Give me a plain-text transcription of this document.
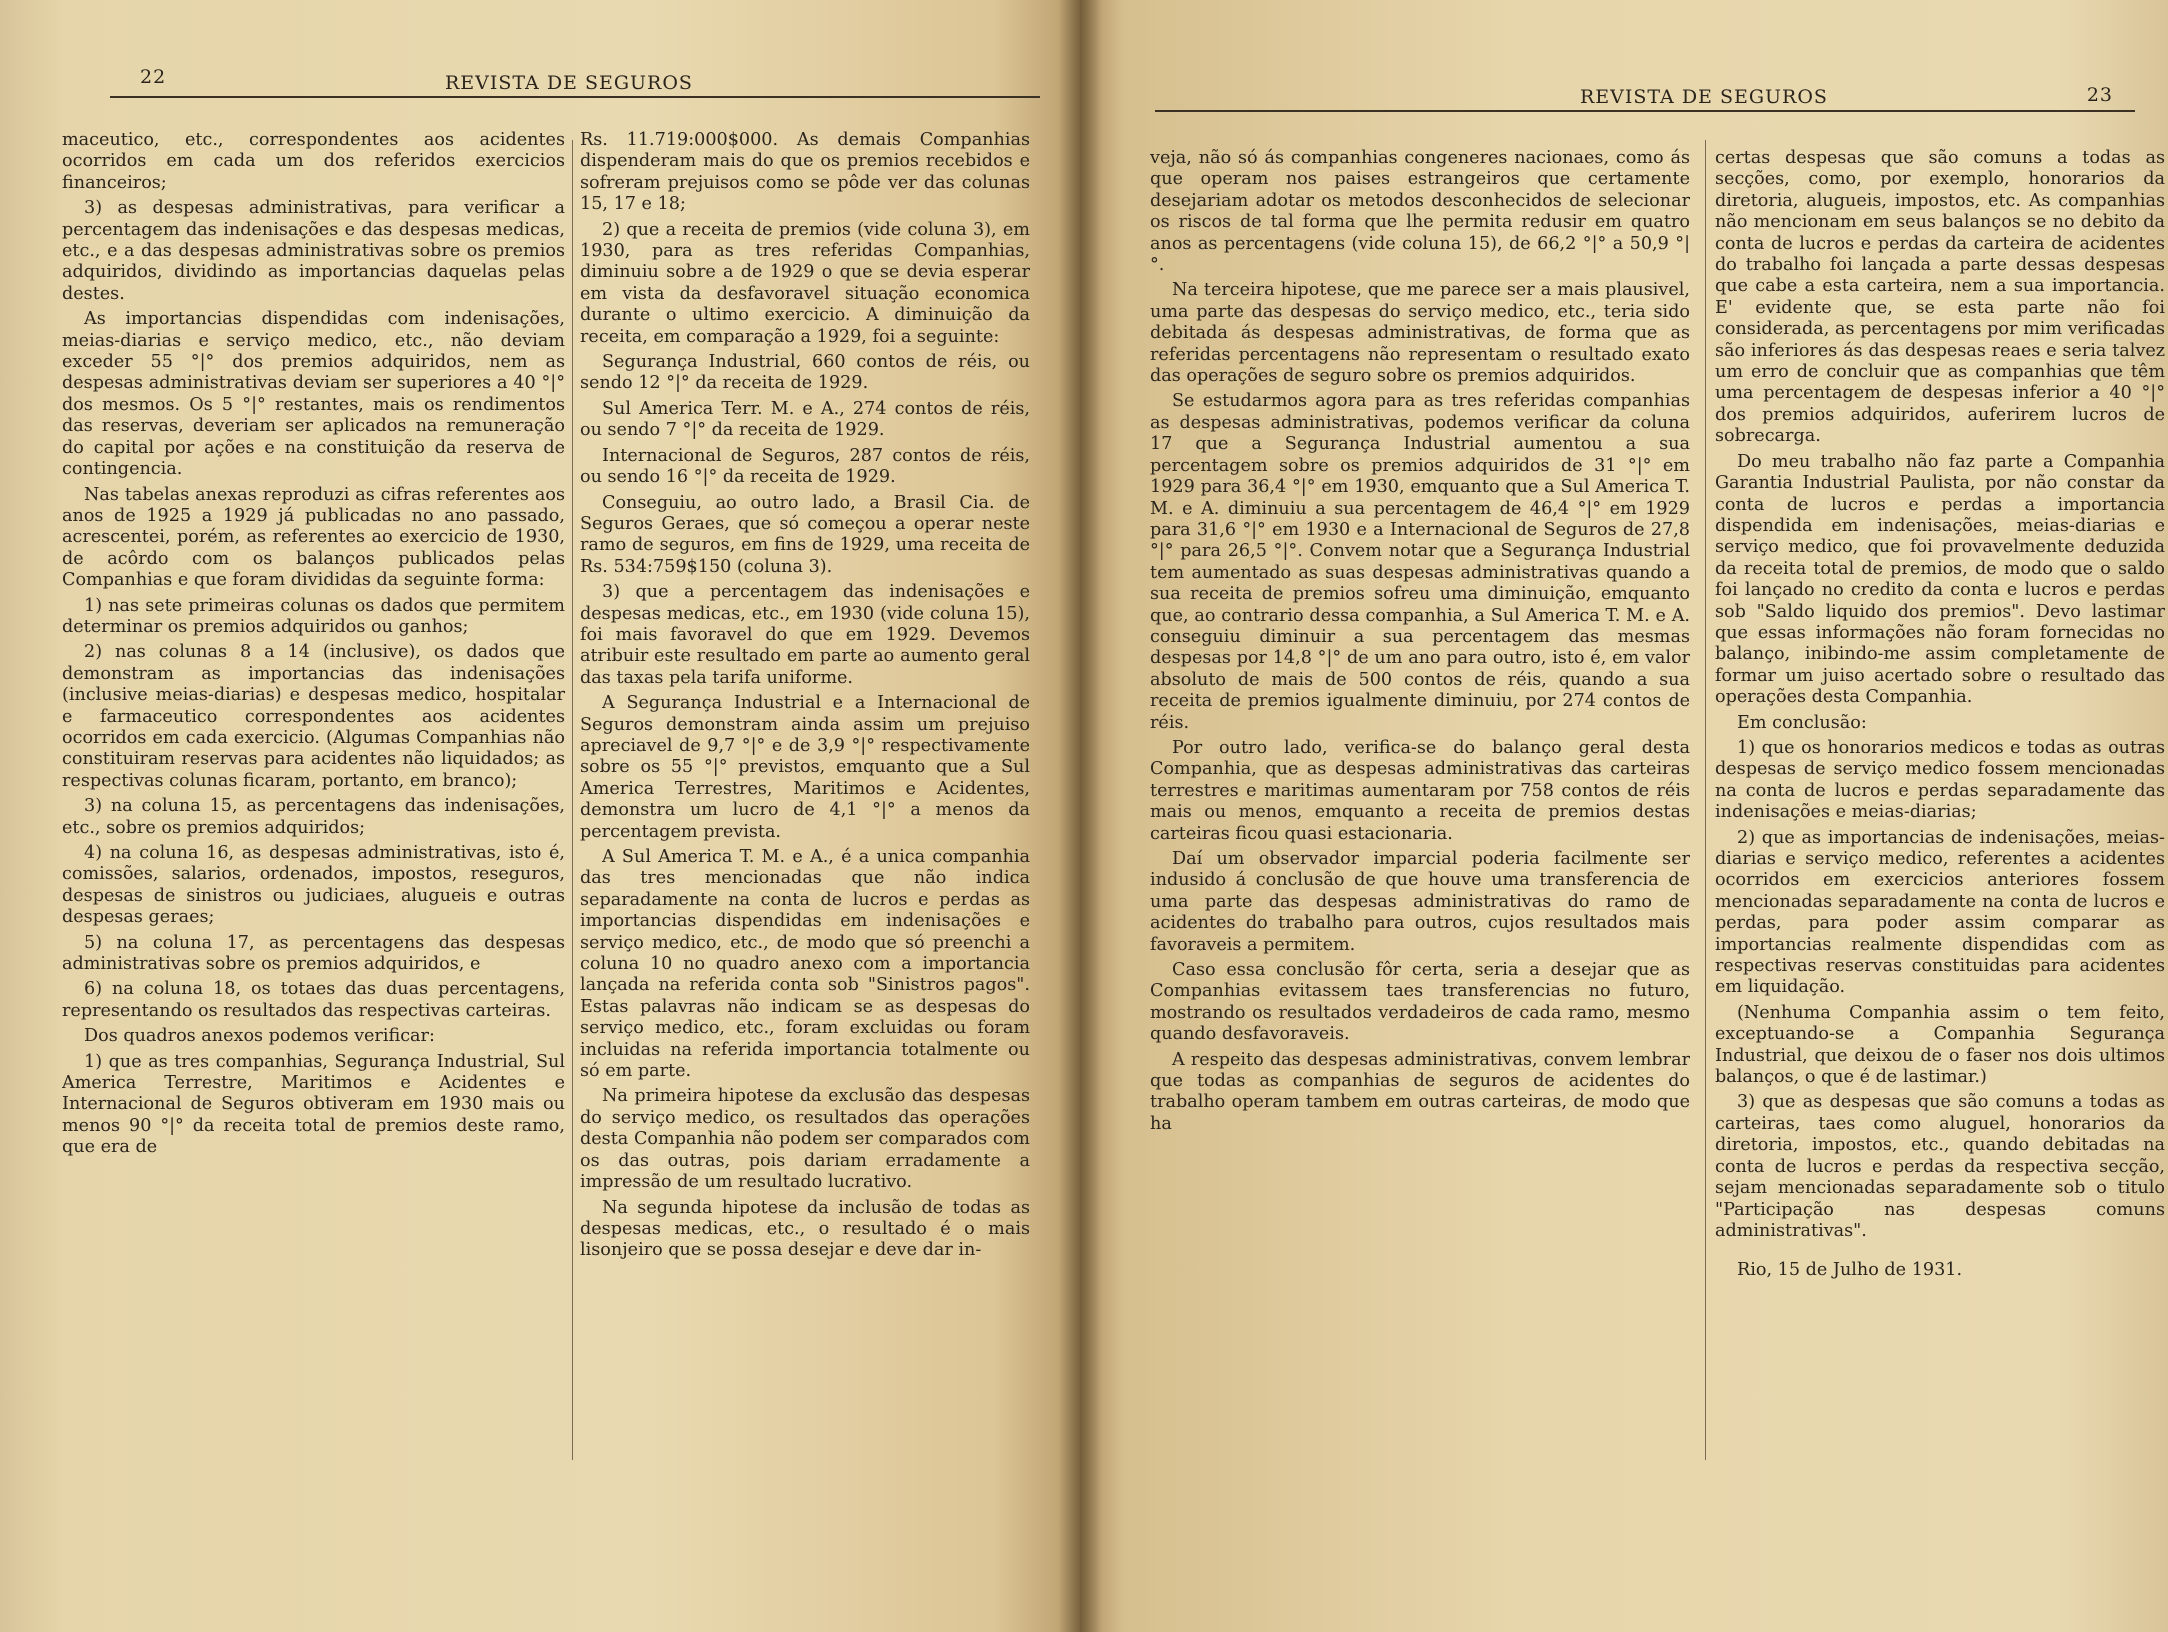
22	REVISTA DE SEGUROS

maceutico, etc., correspondentes aos acidentes ocorridos em cada um dos referidos exercicios financeiros;

3) as despesas administrativas, para verificar a percentagem das indenisações e das despesas medicas, etc., e a das despesas administrativas sobre os premios adquiridos, dividindo as importancias daquelas pelas destes.

As importancias dispendidas com indenisações, meias-diarias e serviço medico, etc., não deviam exceder 55 °|° dos premios adquiridos, nem as despesas administrativas deviam ser superiores a 40 °|° dos mesmos. Os 5 °|° restantes, mais os rendimentos das reservas, deveriam ser aplicados na remuneração do capital por ações e na constituição da reserva de contingencia.

Nas tabelas anexas reproduzi as cifras referentes aos anos de 1925 a 1929 já publicadas no ano passado, acrescentei, porém, as referentes ao exercicio de 1930, de acôrdo com os balanços publicados pelas Companhias e que foram divididas da seguinte forma:

1) nas sete primeiras colunas os dados que permitem determinar os premios adquiridos ou ganhos;

2) nas colunas 8 a 14 (inclusive), os dados que demonstram as importancias das indenisações (inclusive meias-diarias) e despesas medico, hospitalar e farmaceutico correspondentes aos acidentes ocorridos em cada exercicio. (Algumas Companhias não constituiram reservas para acidentes não liquidados; as respectivas colunas ficaram, portanto, em branco);

3) na coluna 15, as percentagens das indenisações, etc., sobre os premios adquiridos;

4) na coluna 16, as despesas administrativas, isto é, comissões, salarios, ordenados, impostos, reseguros, despesas de sinistros ou judiciaes, alugueis e outras despesas geraes;

5) na coluna 17, as percentagens das despesas administrativas sobre os premios adquiridos, e

6) na coluna 18, os totaes das duas percentagens, representando os resultados das respectivas carteiras.

Dos quadros anexos podemos verificar:

1) que as tres companhias, Segurança Industrial, Sul America Terrestre, Maritimos e Acidentes e Internacional de Seguros obtiveram em 1930 mais ou menos 90 °|° da receita total de premios deste ramo, que era de

Rs. 11.719:000$000. As demais Companhias dispenderam mais do que os premios recebidos e sofreram prejuisos como se pôde ver das colunas 15, 17 e 18;

2) que a receita de premios (vide coluna 3), em 1930, para as tres referidas Companhias, diminuiu sobre a de 1929 o que se devia esperar em vista da desfavoravel situação economica durante o ultimo exercicio. A diminuição da receita, em comparação a 1929, foi a seguinte:

Segurança Industrial, 660 contos de réis, ou sendo 12 °|° da receita de 1929.

Sul America Terr. M. e A., 274 contos de réis, ou sendo 7 °|° da receita de 1929.

Internacional de Seguros, 287 contos de réis, ou sendo 16 °|° da receita de 1929.

Conseguiu, ao outro lado, a Brasil Cia. de Seguros Geraes, que só começou a operar neste ramo de seguros, em fins de 1929, uma receita de Rs. 534:759$150 (coluna 3).

3) que a percentagem das indenisações e despesas medicas, etc., em 1930 (vide coluna 15), foi mais favoravel do que em 1929. Devemos atribuir este resultado em parte ao aumento geral das taxas pela tarifa uniforme.

A Segurança Industrial e a Internacional de Seguros demonstram ainda assim um prejuiso apreciavel de 9,7 °|° e de 3,9 °|° respectivamente sobre os 55 °|° previstos, emquanto que a Sul America Terrestres, Maritimos e Acidentes, demonstra um lucro de 4,1 °|° a menos da percentagem prevista.

A Sul America T. M. e A., é a unica companhia das tres mencionadas que não indica separadamente na conta de lucros e perdas as importancias dispendidas em indenisações e serviço medico, etc., de modo que só preenchi a coluna 10 no quadro anexo com a importancia lançada na referida conta sob "Sinistros pagos". Estas palavras não indicam se as despesas do serviço medico, etc., foram excluidas ou foram incluidas na referida importancia totalmente ou só em parte.

Na primeira hipotese da exclusão das despesas do serviço medico, os resultados das operações desta Companhia não podem ser comparados com os das outras, pois dariam erradamente a impressão de um resultado lucrativo.

Na segunda hipotese da inclusão de todas as despesas medicas, etc., o resultado é o mais lisonjeiro que se possa desejar e deve dar in-

REVISTA DE SEGUROS	23

veja, não só ás companhias congeneres nacionaes, como ás que operam nos paises estrangeiros que certamente desejariam adotar os metodos desconhecidos de selecionar os riscos de tal forma que lhe permita redusir em quatro anos as percentagens (vide coluna 15), de 66,2 °|° a 50,9 °|°.

Na terceira hipotese, que me parece ser a mais plausivel, uma parte das despesas do serviço medico, etc., teria sido debitada ás despesas administrativas, de forma que as referidas percentagens não representam o resultado exato das operações de seguro sobre os premios adquiridos.

Se estudarmos agora para as tres referidas companhias as despesas administrativas, podemos verificar da coluna 17 que a Segurança Industrial aumentou a sua percentagem sobre os premios adquiridos de 31 °|° em 1929 para 36,4 °|° em 1930, emquanto que a Sul America T. M. e A. diminuiu a sua percentagem de 46,4 °|° em 1929 para 31,6 °|° em 1930 e a Internacional de Seguros de 27,8 °|° para 26,5 °|°. Convem notar que a Segurança Industrial tem aumentado as suas despesas administrativas quando a sua receita de premios sofreu uma diminuição, emquanto que, ao contrario dessa companhia, a Sul America T. M. e A. conseguiu diminuir a sua percentagem das mesmas despesas por 14,8 °|° de um ano para outro, isto é, em valor absoluto de mais de 500 contos de réis, quando a sua receita de premios igualmente diminuiu, por 274 contos de réis.

Por outro lado, verifica-se do balanço geral desta Companhia, que as despesas administrativas das carteiras terrestres e maritimas aumentaram por 758 contos de réis mais ou menos, emquanto a receita de premios destas carteiras ficou quasi estacionaria.

Daí um observador imparcial poderia facilmente ser indusido á conclusão de que houve uma transferencia de uma parte das despesas administrativas do ramo de acidentes do trabalho para outros, cujos resultados mais favoraveis a permitem.

Caso essa conclusão fôr certa, seria a desejar que as Companhias evitassem taes transferencias no futuro, mostrando os resultados verdadeiros de cada ramo, mesmo quando desfavoraveis.

A respeito das despesas administrativas, convem lembrar que todas as companhias de seguros de acidentes do trabalho operam tambem em outras carteiras, de modo que ha

certas despesas que são comuns a todas as secções, como, por exemplo, honorarios da diretoria, alugueis, impostos, etc. As companhias não mencionam em seus balanços se no debito da conta de lucros e perdas da carteira de acidentes do trabalho foi lançada a parte dessas despesas que cabe a esta carteira, nem a sua importancia. E' evidente que, se esta parte não foi considerada, as percentagens por mim verificadas são inferiores ás das despesas reaes e seria talvez um erro de concluir que as companhias que têm uma percentagem de despesas inferior a 40 °|° dos premios adquiridos, auferirem lucros de sobrecarga.

Do meu trabalho não faz parte a Companhia Garantia Industrial Paulista, por não constar da conta de lucros e perdas a importancia dispendida em indenisações, meias-diarias e serviço medico, que foi provavelmente deduzida da receita total de premios, de modo que o saldo foi lançado no credito da conta e lucros e perdas sob "Saldo liquido dos premios". Devo lastimar que essas informações não foram fornecidas no balanço, inibindo-me assim completamente de formar um juiso acertado sobre o resultado das operações desta Companhia.

Em conclusão:

1) que os honorarios medicos e todas as outras despesas de serviço medico fossem mencionadas na conta de lucros e perdas separadamente das indenisações e meias-diarias;

2) que as importancias de indenisações, meias-diarias e serviço medico, referentes a acidentes ocorridos em exercicios anteriores fossem mencionadas separadamente na conta de lucros e perdas, para poder assim comparar as importancias realmente dispendidas com as respectivas reservas constituidas para acidentes em liquidação.

(Nenhuma Companhia assim o tem feito, exceptuando-se a Companhia Segurança Industrial, que deixou de o faser nos dois ultimos balanços, o que é de lastimar.)

3) que as despesas que são comuns a todas as carteiras, taes como aluguel, honorarios da diretoria, impostos, etc., quando debitadas na conta de lucros e perdas da respectiva secção, sejam mencionadas separadamente sob o titulo "Participação nas despesas comuns administrativas".

Rio, 15 de Julho de 1931.
